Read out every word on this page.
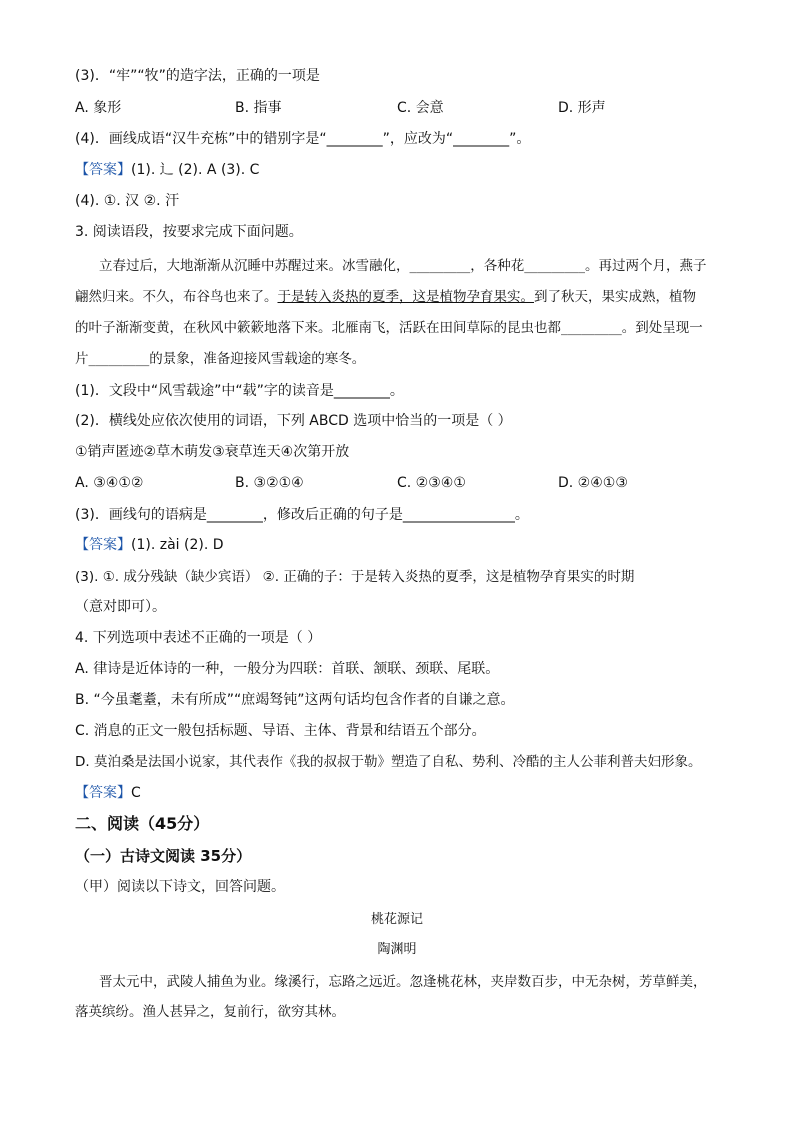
(3)．“牢”“牧”的造字法，正确的一项是
A. 象形	B. 指事	C. 会意	D. 形声
(4)．画线成语“汉牛充栋”中的错别字是“________”，应改为“________”。
【答案】(1). 辶 (2). A (3). C
(4). ①. 汉 ②. 汗
3. 阅读语段，按要求完成下面问题。
立春过后，大地渐渐从沉睡中苏醒过来。冰雪融化，_________，各种花_________。再过两个月，燕子
翩然归来。不久，布谷鸟也来了。于是转入炎热的夏季，这是植物孕育果实。到了秋天，果实成熟，植物
的叶子渐渐变黄，在秋风中簌簌地落下来。北雁南飞，活跃在田间草际的昆虫也都_________。到处呈现一
片_________的景象，准备迎接风雪载途的寒冬。
(1)．文段中“风雪载途”中“载”字的读音是________。
(2)．横线处应依次使用的词语，下列 ABCD 选项中恰当的一项是（ ）
①销声匿迹②草木萌发③衰草连天④次第开放
A. ③④①②	B. ③②①④	C. ②③④①	D. ②④①③
(3)．画线句的语病是________，修改后正确的句子是________________。
【答案】(1). zài (2). D
(3). ①. 成分残缺（缺少宾语） ②. 正确的子：于是转入炎热的夏季，这是植物孕育果实的时期
（意对即可）。
4. 下列选项中表述不正确的一项是（ ）
A. 律诗是近体诗的一种，一般分为四联：首联、颔联、颈联、尾联。
B. “今虽耄耋，未有所成”“庶竭驽钝”这两句话均包含作者的自谦之意。
C. 消息的正文一般包括标题、导语、主体、背景和结语五个部分。
D. 莫泊桑是法国小说家，其代表作《我的叔叔于勒》塑造了自私、势利、冷酷的主人公菲利普夫妇形象。
【答案】C
二、阅读（45分）
（一）古诗文阅读 35分）
（甲）阅读以下诗文，回答问题。
桃花源记
陶渊明
晋太元中，武陵人捕鱼为业。缘溪行，忘路之远近。忽逢桃花林，夹岸数百步，中无杂树，芳草鲜美，
落英缤纷。渔人甚异之，复前行，欲穷其林。
